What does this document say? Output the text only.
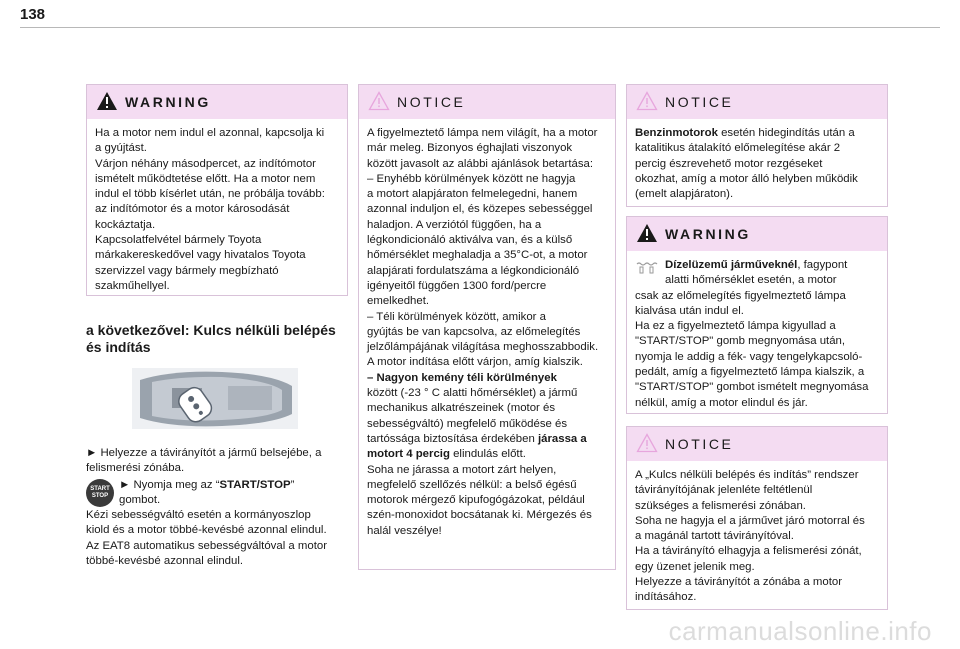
138
WARNING

Ha a motor nem indul el azonnal, kapcsolja ki

a gyújtást.

Várjon néhány másodpercet, az indítómotor

ismételt működtetése előtt. Ha a motor nem

indul el több kísérlet után, ne próbálja tovább:

az indítómotor és a motor károsodását

kockáztatja.

Kapcsolatfelvétel bármely Toyota

márkakereskedővel vagy hivatalos Toyota

szervizzel vagy bármely megbízható

szakműhellyel.

a következővel: Kulcs nélküli belépés
és indítás

► Helyezze a távirányítót a jármű belsejébe, a

felismerési zónába.

START
STOP

► Nyomja meg az “START/STOP”

gombot.

Kézi sebességváltó esetén a kormányoszlop

kiold és a motor többé-kevésbé azonnal elindul.

Az EAT8 automatikus sebességváltóval a motor

többé-kevésbé azonnal elindul.

NOTICE

A figyelmeztető lámpa nem világít, ha a motor

már meleg. Bizonyos éghajlati viszonyok

között javasolt az alábbi ajánlások betartása:

– Enyhébb körülmények között ne hagyja

a motort alapjáraton felmelegedni, hanem

azonnal induljon el, és közepes sebességgel

haladjon. A verziótól függően, ha a

légkondicionáló aktiválva van, és a külső

hőmérséklet meghaladja a 35°C-ot, a motor

alapjárati fordulatszáma a légkondicionáló

igényeitől függően 1300 ford/percre

emelkedhet.

– Téli körülmények között, amikor a

gyújtás be van kapcsolva, az előmelegítés

jelzőlámpájának világítása meghosszabbodik.

A motor indítása előtt várjon, amíg kialszik.

– Nagyon kemény téli körülmények

között (-23 ° C alatti hőmérséklet) a jármű

mechanikus alkatrészeinek (motor és

sebességváltó) megfelelő működése és

tartóssága biztosítása érdekében járassa a

motort 4 percig elindulás előtt.

Soha ne járassa a motort zárt helyen,

megfelelő szellőzés nélkül: a belső égésű

motorok mérgező kipufogógázokat, például

szén-monoxidot bocsátanak ki. Mérgezés és

halál veszélye!

NOTICE

Benzinmotorok esetén hidegindítás után a

katalitikus átalakító előmelegítése akár 2

percig észrevehető motor rezgéseket

okozhat, amíg a motor álló helyben működik

(emelt alapjáraton).

WARNING

Dízelüzemű járműveknél, fagypont

alatti hőmérséklet esetén, a motor

csak az előmelegítés figyelmeztető lámpa

kialvása után indul el.

Ha ez a figyelmeztető lámpa kigyullad a

"START/STOP" gomb megnyomása után,

nyomja le addig a fék- vagy tengelykapcsoló-

pedált, amíg a figyelmeztető lámpa kialszik, a

"START/STOP" gombot ismételt megnyomása

nélkül, amíg a motor elindul és jár.

NOTICE

A „Kulcs nélküli belépés és indítás” rendszer

távirányítójának jelenléte feltétlenül

szükséges a felismerési zónában.

Soha ne hagyja el a járművet járó motorral és

a magánál tartott távirányítóval.

Ha a távirányító elhagyja a felismerési zónát,

egy üzenet jelenik meg.

Helyezze a távirányítót a zónába a motor

indításához.

carmanualsonline.info
